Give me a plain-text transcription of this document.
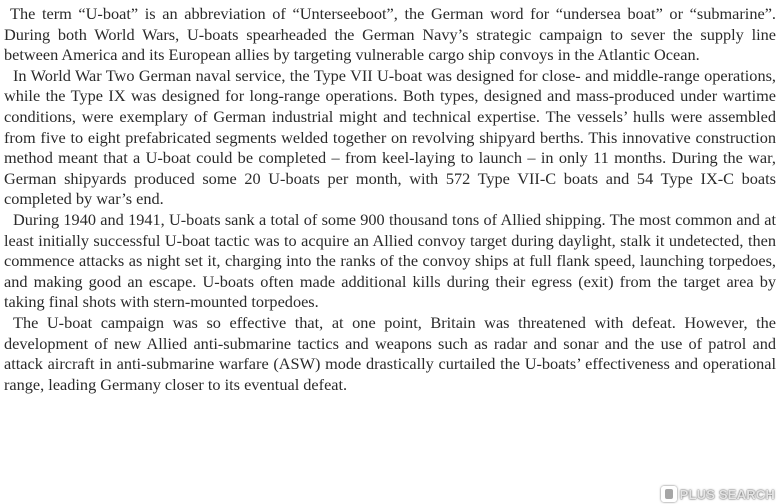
The term “U-boat” is an abbreviation of “Unterseeboot”, the German word for “undersea boat” or “submarine”. During both World Wars, U-boats spearheaded the German Navy’s strategic campaign to sever the supply line between America and its European allies by targeting vulnerable cargo ship convoys in the Atlantic Ocean.

In World War Two German naval service, the Type VII U-boat was designed for close- and middle-range operations, while the Type IX was designed for long-range operations. Both types, designed and mass-produced under wartime conditions, were exemplary of German industrial might and technical expertise. The vessels’ hulls were assembled from five to eight prefabricated segments welded together on revolving shipyard berths. This innovative construction method meant that a U-boat could be completed – from keel-laying to launch – in only 11 months. During the war, German shipyards produced some 20 U-boats per month, with 572 Type VII-C boats and 54 Type IX-C boats completed by war’s end.

During 1940 and 1941, U-boats sank a total of some 900 thousand tons of Allied shipping. The most common and at least initially successful U-boat tactic was to acquire an Allied convoy target during daylight, stalk it undetected, then commence attacks as night set it, charging into the ranks of the convoy ships at full flank speed, launching torpedoes, and making good an escape. U-boats often made additional kills during their egress (exit) from the target area by taking final shots with stern-mounted torpedoes.

The U-boat campaign was so effective that, at one point, Britain was threatened with defeat. However, the development of new Allied anti-submarine tactics and weapons such as radar and sonar and the use of patrol and attack aircraft in anti-submarine warfare (ASW) mode drastically curtailed the U-boats’ effectiveness and operational range, leading Germany closer to its eventual defeat.

PLUS SEARCH
